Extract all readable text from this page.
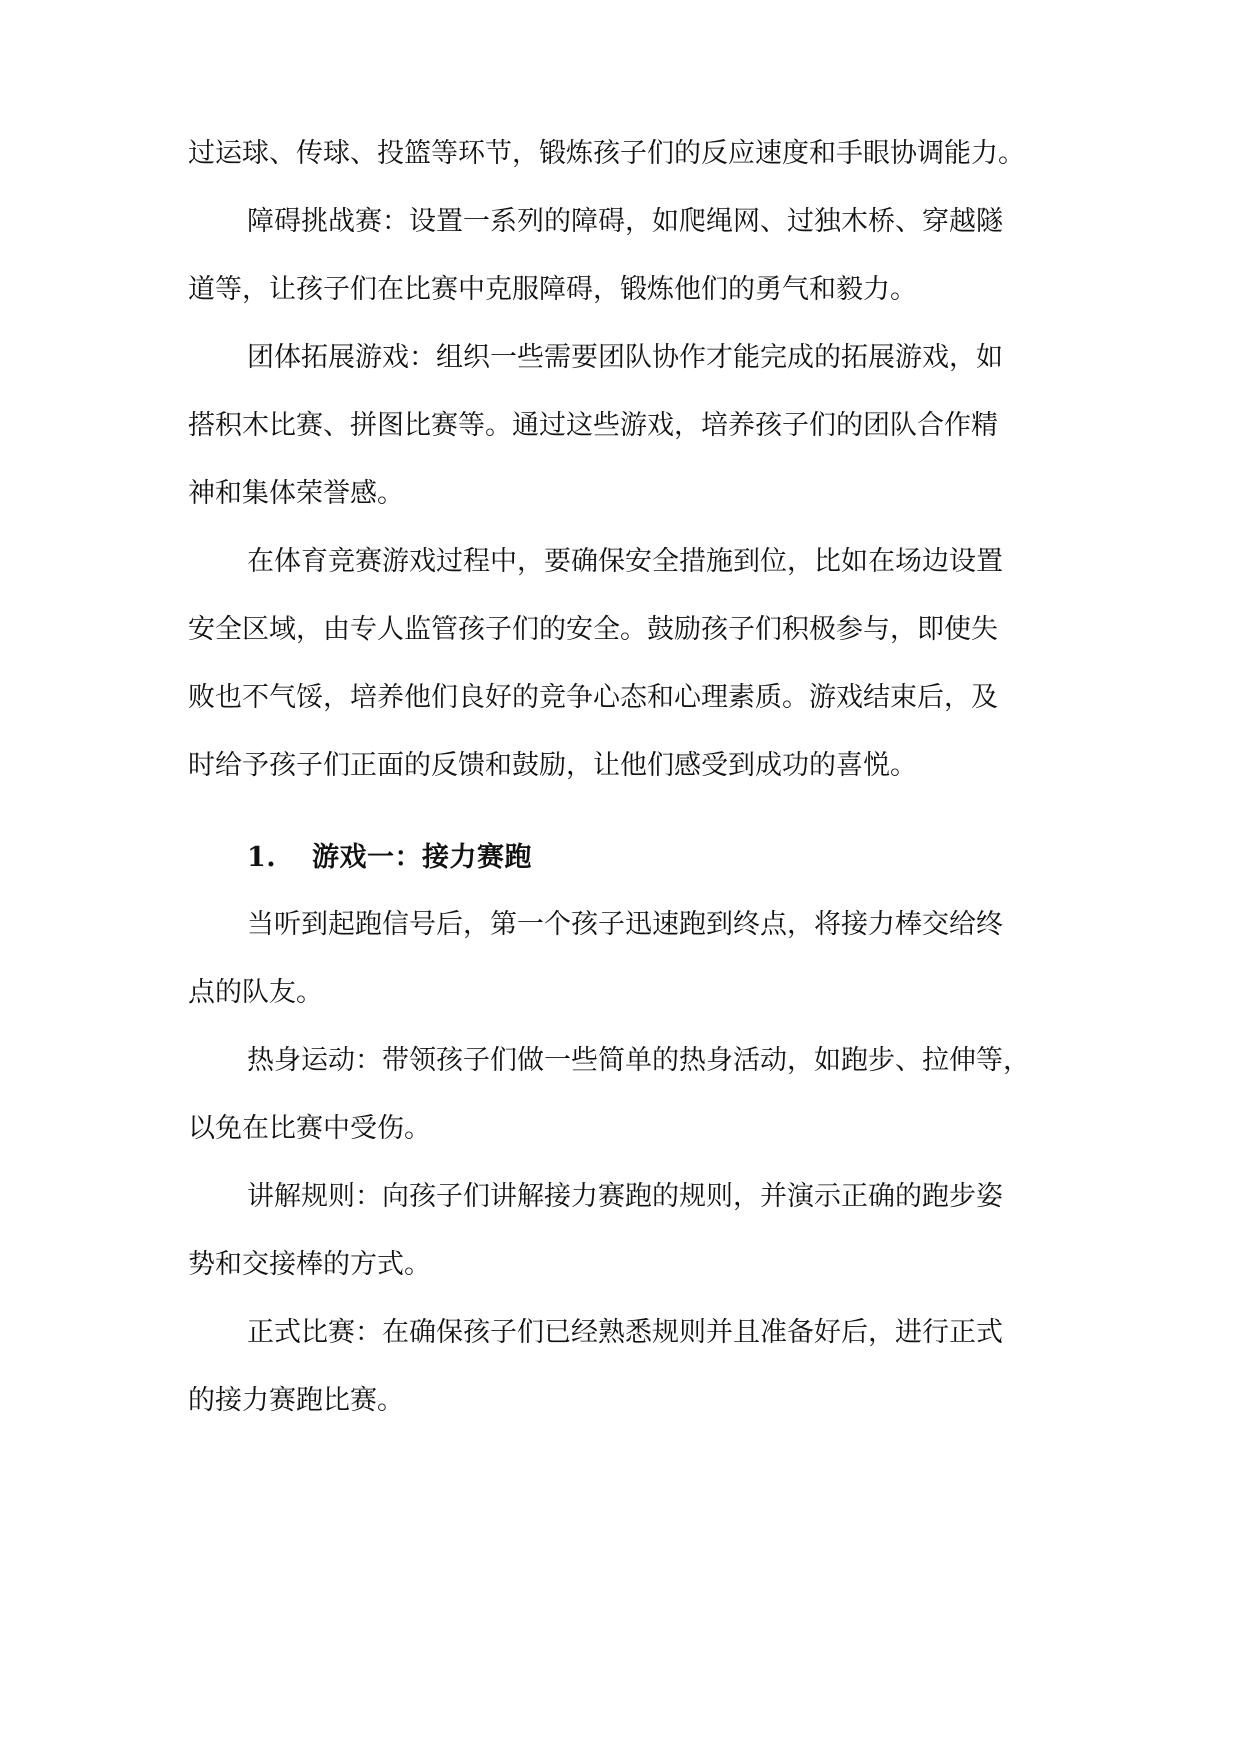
过运球、传球、投篮等环节，锻炼孩子们的反应速度和手眼协调能力。
障碍挑战赛：设置一系列的障碍，如爬绳网、过独木桥、穿越隧
道等，让孩子们在比赛中克服障碍，锻炼他们的勇气和毅力。
团体拓展游戏：组织一些需要团队协作才能完成的拓展游戏，如
搭积木比赛、拼图比赛等。通过这些游戏，培养孩子们的团队合作精
神和集体荣誉感。
在体育竞赛游戏过程中，要确保安全措施到位，比如在场边设置
安全区域，由专人监管孩子们的安全。鼓励孩子们积极参与，即使失
败也不气馁，培养他们良好的竞争心态和心理素质。游戏结束后，及
时给予孩子们正面的反馈和鼓励，让他们感受到成功的喜悦。
1. 游戏一：接力赛跑
当听到起跑信号后，第一个孩子迅速跑到终点，将接力棒交给终
点的队友。
热身运动：带领孩子们做一些简单的热身活动，如跑步、拉伸等，
以免在比赛中受伤。
讲解规则：向孩子们讲解接力赛跑的规则，并演示正确的跑步姿
势和交接棒的方式。
正式比赛：在确保孩子们已经熟悉规则并且准备好后，进行正式
的接力赛跑比赛。
